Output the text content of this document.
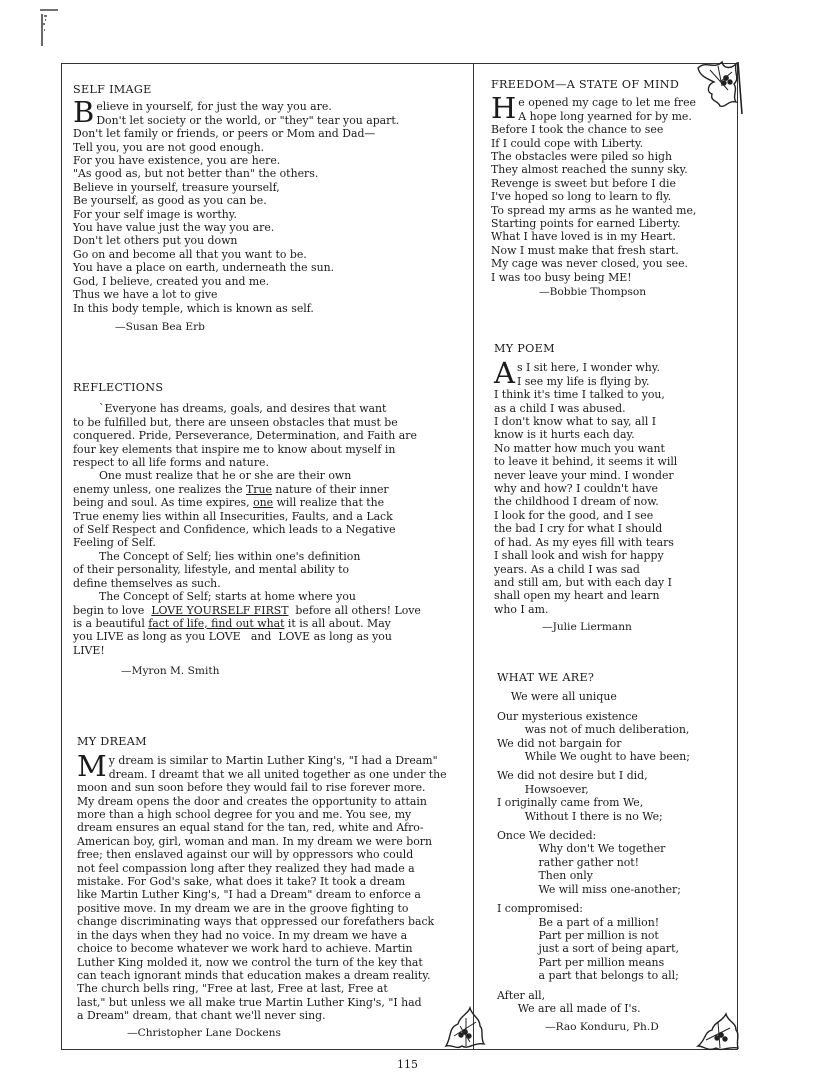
SELF IMAGE
B elieve in yourself, for just the way you are.
Don't let society or the world, or "they" tear you apart.
Don't let family or friends, or peers or Mom and Dad—
Tell you, you are not good enough.
For you have existence, you are here.
"As good as, but not better than" the others.
Believe in yourself, treasure yourself,
Be yourself, as good as you can be.
For your self image is worthy.
You have value just the way you are.
Don't let others put you down
Go on and become all that you want to be.
You have a place on earth, underneath the sun.
God, I believe, created you and me.
Thus we have a lot to give
In this body temple, which is known as self.
—Susan Bea Erb
REFLECTIONS
`Everyone has dreams, goals, and desires that want
to be fulfilled but, there are unseen obstacles that must be
conquered. Pride, Perseverance, Determination, and Faith are
four key elements that inspire me to know about myself in
respect to all life forms and nature.
One must realize that he or she are their own
enemy unless, one realizes the True nature of their inner
being and soul. As time expires, one will realize that the
True enemy lies within all Insecurities, Faults, and a Lack
of Self Respect and Confidence, which leads to a Negative
Feeling of Self.
The Concept of Self; lies within one's definition
of their personality, lifestyle, and mental ability to
define themselves as such.
The Concept of Self; starts at home where you
begin to love  LOVE YOURSELF FIRST  before all others! Love
is a beautiful fact of life, find out what it is all about. May
you LIVE as long as you LOVE   and  LOVE as long as you
LIVE!
—Myron M. Smith
MY DREAM
M y dream is similar to Martin Luther King's, "I had a Dream"
dream. I dreamt that we all united together as one under the
moon and sun soon before they would fail to rise forever more.
My dream opens the door and creates the opportunity to attain
more than a high school degree for you and me. You see, my
dream ensures an equal stand for the tan, red, white and Afro-
American boy, girl, woman and man. In my dream we were born
free; then enslaved against our will by oppressors who could
not feel compassion long after they realized they had made a
mistake. For God's sake, what does it take? It took a dream
like Martin Luther King's, "I had a Dream" dream to enforce a
positive move. In my dream we are in the groove fighting to
change discriminating ways that oppressed our forefathers back
in the days when they had no voice. In my dream we have a
choice to become whatever we work hard to achieve. Martin
Luther King molded it, now we control the turn of the key that
can teach ignorant minds that education makes a dream reality.
The church bells ring, "Free at last, Free at last, Free at
last," but unless we all make true Martin Luther King's, "I had
a Dream" dream, that chant we'll never sing.
—Christopher Lane Dockens
FREEDOM—A STATE OF MIND
H e opened my cage to let me free
A hope long yearned for by me.
Before I took the chance to see
If I could cope with Liberty.
The obstacles were piled so high
They almost reached the sunny sky.
Revenge is sweet but before I die
I've hoped so long to learn to fly.
To spread my arms as he wanted me,
Starting points for earned Liberty.
What I have loved is in my Heart.
Now I must make that fresh start.
My cage was never closed, you see.
I was too busy being ME!
—Bobbie Thompson
MY POEM
A s I sit here, I wonder why.
I see my life is flying by.
I think it's time I talked to you,
as a child I was abused.
I don't know what to say, all I
know is it hurts each day.
No matter how much you want
to leave it behind, it seems it will
never leave your mind. I wonder
why and how? I couldn't have
the childhood I dream of now.
I look for the good, and I see
the bad I cry for what I should
of had. As my eyes fill with tears
I shall look and wish for happy
years. As a child I was sad
and still am, but with each day I
shall open my heart and learn
who I am.
—Julie Liermann
WHAT WE ARE?
We were all unique
Our mysterious existence
was not of much deliberation,
We did not bargain for
While We ought to have been;
We did not desire but I did,
Howsoever,
I originally came from We,
Without I there is no We;
Once We decided:
Why don't We together
rather gather not!
Then only
We will miss one-another;
I compromised:
Be a part of a million!
Part per million is not
just a sort of being apart,
Part per million means
a part that belongs to all;
After all,
We are all made of I's.
—Rao Konduru, Ph.D
115
